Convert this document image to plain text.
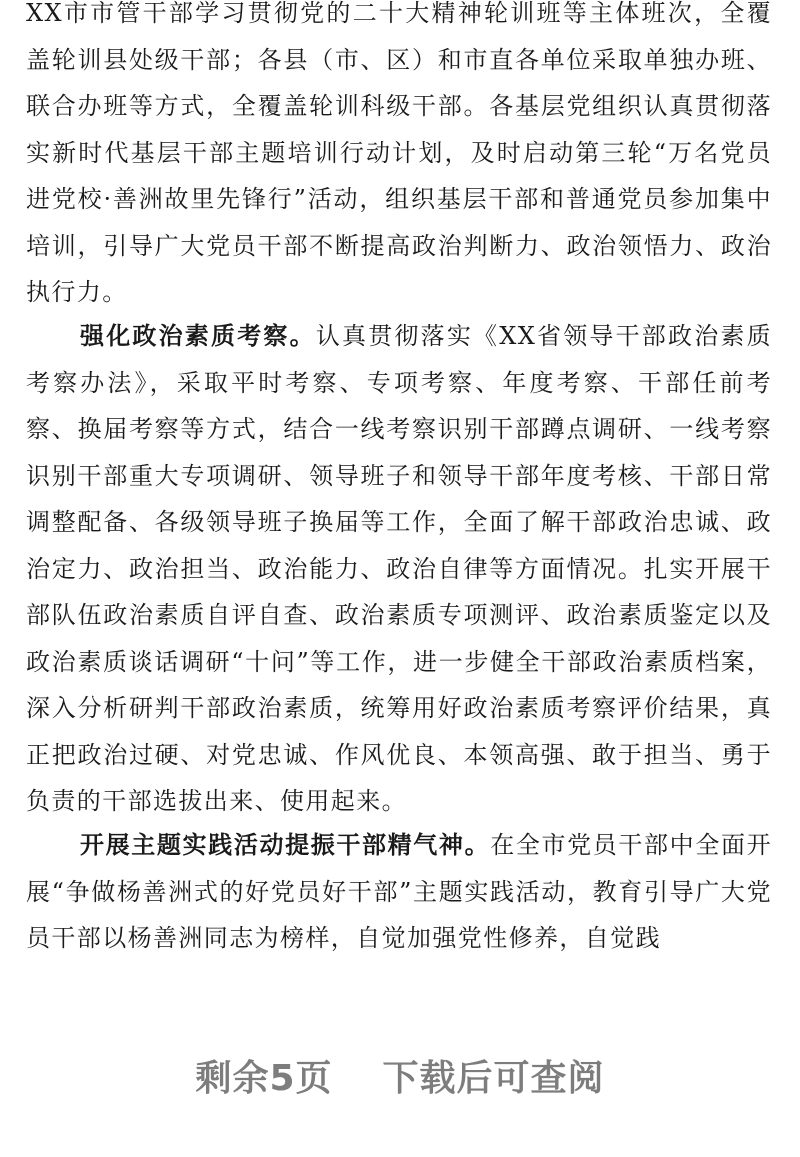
XX市市管干部学习贯彻党的二十大精神轮训班等主体班次，全覆盖轮训县处级干部；各县（市、区）和市直各单位采取单独办班、联合办班等方式，全覆盖轮训科级干部。各基层党组织认真贯彻落实新时代基层干部主题培训行动计划，及时启动第三轮“万名党员进党校·善洲故里先锋行”活动，组织基层干部和普通党员参加集中培训，引导广大党员干部不断提高政治判断力、政治领悟力、政治执行力。

强化政治素质考察。认真贯彻落实《XX省领导干部政治素质考察办法》，采取平时考察、专项考察、年度考察、干部任前考察、换届考察等方式，结合一线考察识别干部蹲点调研、一线考察识别干部重大专项调研、领导班子和领导干部年度考核、干部日常调整配备、各级领导班子换届等工作，全面了解干部政治忠诚、政治定力、政治担当、政治能力、政治自律等方面情况。扎实开展干部队伍政治素质自评自查、政治素质专项测评、政治素质鉴定以及政治素质谈话调研“十问”等工作，进一步健全干部政治素质档案，深入分析研判干部政治素质，统筹用好政治素质考察评价结果，真正把政治过硬、对党忠诚、作风优良、本领高强、敢于担当、勇于负责的干部选拔出来、使用起来。

开展主题实践活动提振干部精气神。在全市党员干部中全面开展“争做杨善洲式的好党员好干部”主题实践活动，教育引导广大党员干部以杨善洲同志为榜样，自觉加强党性修养，自觉践

剩余5页 下载后可查阅
